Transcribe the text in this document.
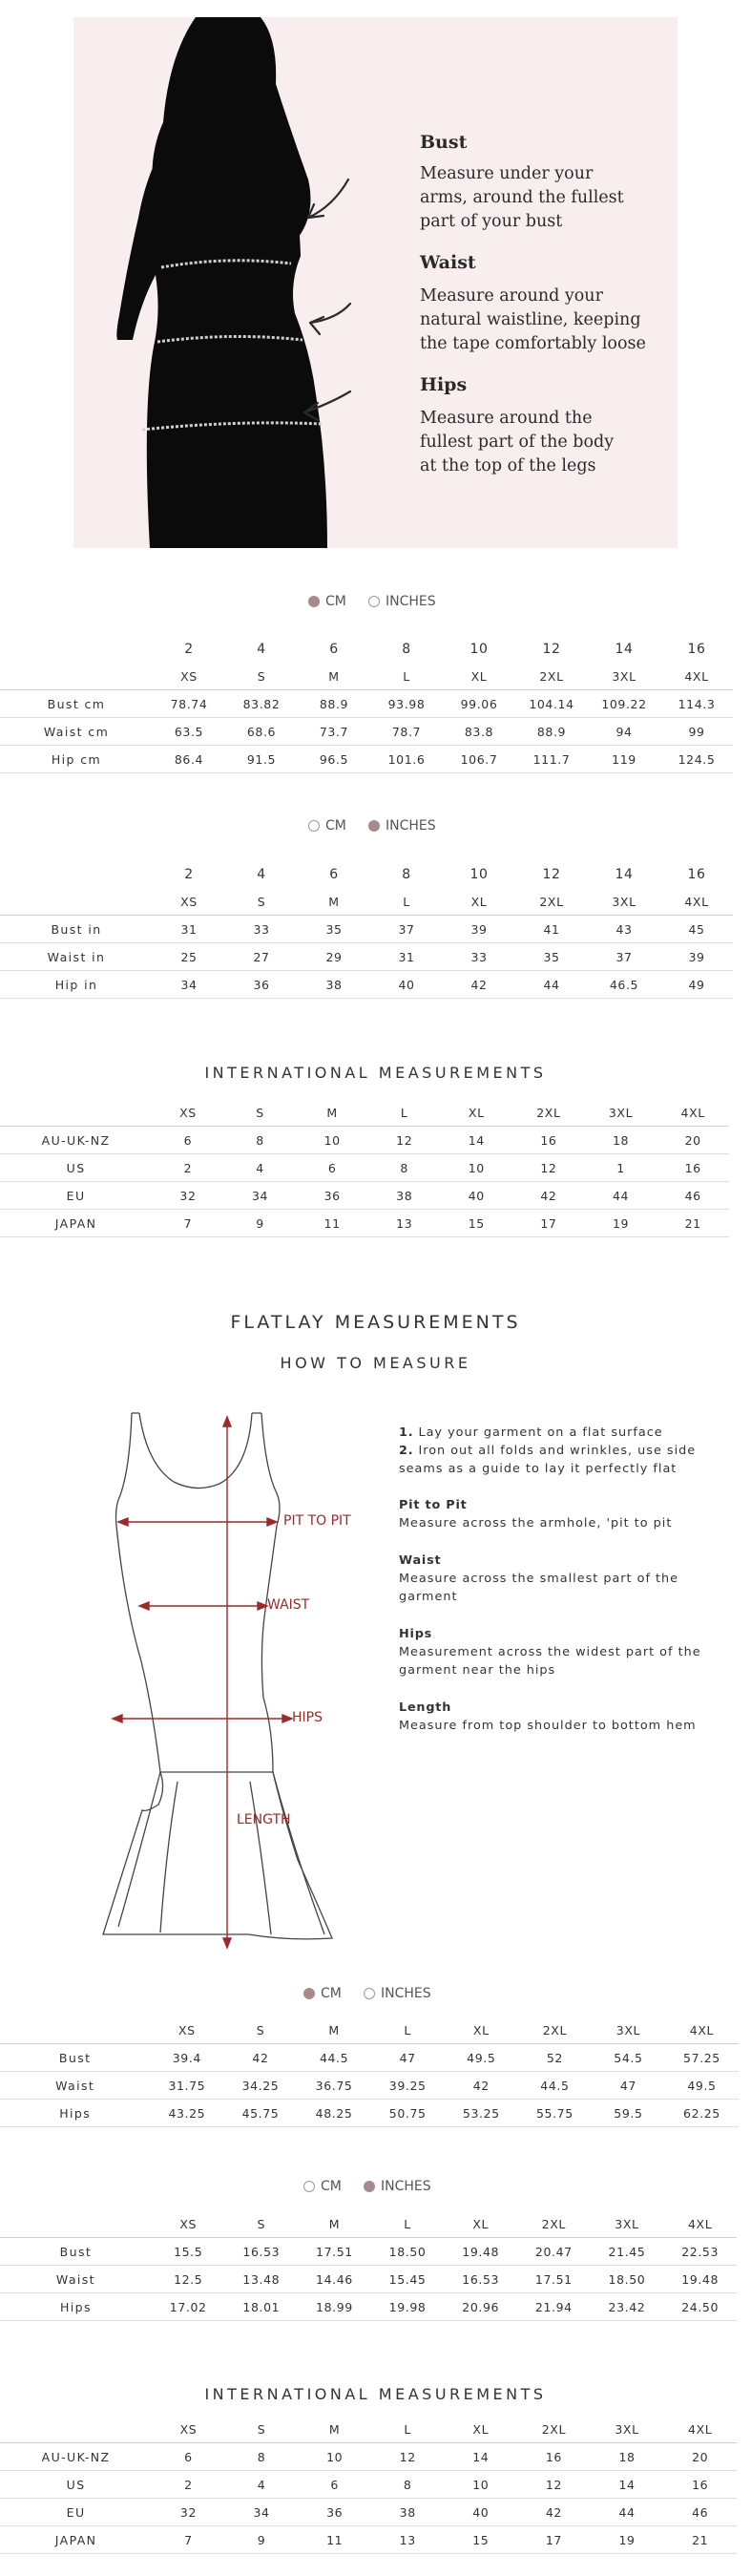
Bust
Measure under your
arms, around the fullest
part of your bust
Waist
Measure around your
natural waistline, keeping
the tape comfortably loose
Hips
Measure around the
fullest part of the body
at the top of the legs
CM	INCHES
	2	4	6	8	10	12	14	16
	XS	S	M	L	XL	2XL	3XL	4XL
Bust cm	78.74	83.82	88.9	93.98	99.06	104.14	109.22	114.3
Waist cm	63.5	68.6	73.7	78.7	83.8	88.9	94	99
Hip cm	86.4	91.5	96.5	101.6	106.7	111.7	119	124.5
CM	INCHES
	2	4	6	8	10	12	14	16
	XS	S	M	L	XL	2XL	3XL	4XL
Bust in	31	33	35	37	39	41	43	45
Waist in	25	27	29	31	33	35	37	39
Hip in	34	36	38	40	42	44	46.5	49
INTERNATIONAL MEASUREMENTS
	XS	S	M	L	XL	2XL	3XL	4XL
AU-UK-NZ	6	8	10	12	14	16	18	20
US	2	4	6	8	10	12	1	16
EU	32	34	36	38	40	42	44	46
JAPAN	7	9	11	13	15	17	19	21
FLATLAY MEASUREMENTS
HOW TO MEASURE
PIT TO PIT
WAIST
HIPS
LENGTH
1. Lay your garment on a flat surface
2. Iron out all folds and wrinkles, use side seams as a guide to lay it perfectly flat
Pit to Pit
Measure across the armhole, 'pit to pit
Waist
Measure across the smallest part of the garment
Hips
Measurement across the widest part of the garment near the hips
Length
Measure from top shoulder to bottom hem
CM	INCHES
	XS	S	M	L	XL	2XL	3XL	4XL
Bust	39.4	42	44.5	47	49.5	52	54.5	57.25
Waist	31.75	34.25	36.75	39.25	42	44.5	47	49.5
Hips	43.25	45.75	48.25	50.75	53.25	55.75	59.5	62.25
CM	INCHES
	XS	S	M	L	XL	2XL	3XL	4XL
Bust	15.5	16.53	17.51	18.50	19.48	20.47	21.45	22.53
Waist	12.5	13.48	14.46	15.45	16.53	17.51	18.50	19.48
Hips	17.02	18.01	18.99	19.98	20.96	21.94	23.42	24.50
INTERNATIONAL MEASUREMENTS
	XS	S	M	L	XL	2XL	3XL	4XL
AU-UK-NZ	6	8	10	12	14	16	18	20
US	2	4	6	8	10	12	14	16
EU	32	34	36	38	40	42	44	46
JAPAN	7	9	11	13	15	17	19	21
